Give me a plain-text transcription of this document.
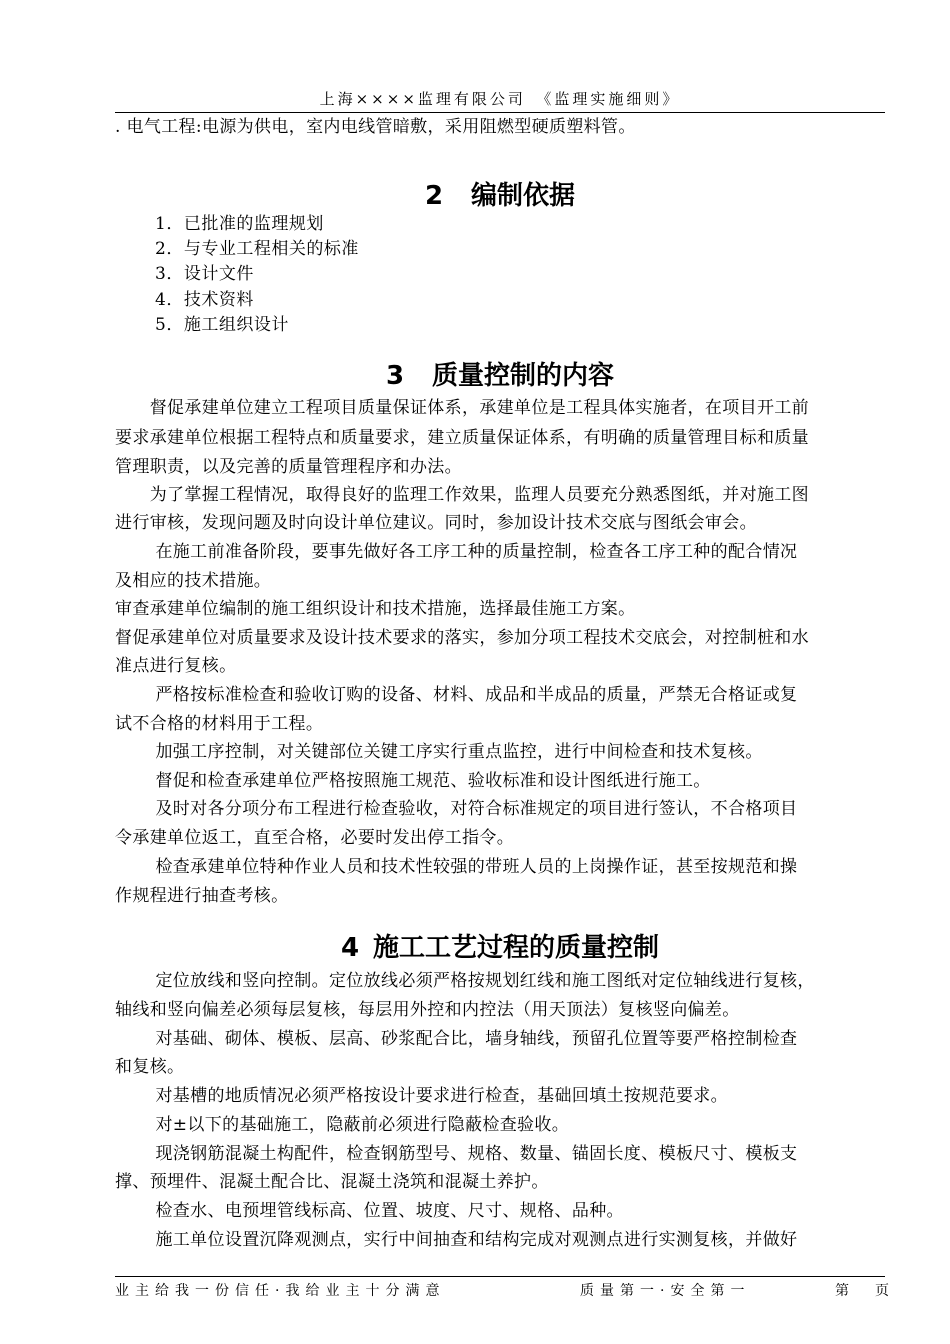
上海××××监理有限公司　《监理实施细则》
. 电气工程:电源为供电，室内电线管暗敷，采用阻燃型硬质塑料管。
2 编制依据
1．已批准的监理规划
2．与专业工程相关的标准
3．设计文件
4．技术资料
5．施工组织设计
3 质量控制的内容
　　督促承建单位建立工程项目质量保证体系，承建单位是工程具体实施者，在项目开工前
要求承建单位根据工程特点和质量要求，建立质量保证体系，有明确的质量管理目标和质量
管理职责，以及完善的质量管理程序和办法。
　　为了掌握工程情况，取得良好的监理工作效果，监理人员要充分熟悉图纸，并对施工图
进行审核，发现问题及时向设计单位建议。同时，参加设计技术交底与图纸会审会。
　　 在施工前准备阶段，要事先做好各工序工种的质量控制，检查各工序工种的配合情况
及相应的技术措施。
审查承建单位编制的施工组织设计和技术措施，选择最佳施工方案。
督促承建单位对质量要求及设计技术要求的落实，参加分项工程技术交底会，对控制桩和水
准点进行复核。
　　 严格按标准检查和验收订购的设备、材料、成品和半成品的质量，严禁无合格证或复
试不合格的材料用于工程。
　　 加强工序控制，对关键部位关键工序实行重点监控，进行中间检查和技术复核。
　　 督促和检查承建单位严格按照施工规范、验收标准和设计图纸进行施工。
　　 及时对各分项分布工程进行检查验收，对符合标准规定的项目进行签认，不合格项目
令承建单位返工，直至合格，必要时发出停工指令。
　　 检查承建单位特种作业人员和技术性较强的带班人员的上岗操作证，甚至按规范和操
作规程进行抽查考核。
4 施工工艺过程的质量控制
　　 定位放线和竖向控制。定位放线必须严格按规划红线和施工图纸对定位轴线进行复核，
轴线和竖向偏差必须每层复核，每层用外控和内控法（用天顶法）复核竖向偏差。
　　 对基础、砌体、模板、层高、砂浆配合比，墙身轴线，预留孔位置等要严格控制检查
和复核。
　　 对基槽的地质情况必须严格按设计要求进行检查，基础回填土按规范要求。
　　 对±以下的基础施工，隐蔽前必须进行隐蔽检查验收。
　　 现浇钢筋混凝土构配件，检查钢筋型号、规格、数量、锚固长度、模板尺寸、模板支
撑、预埋件、混凝土配合比、混凝土浇筑和混凝土养护。
　　 检查水、电预埋管线标高、位置、坡度、尺寸、规格、品种。
　　 施工单位设置沉降观测点，实行中间抽查和结构完成对观测点进行实测复核，并做好
业主给我一份信任·我给业主十分满意	质量第一·安全第一	第　页
